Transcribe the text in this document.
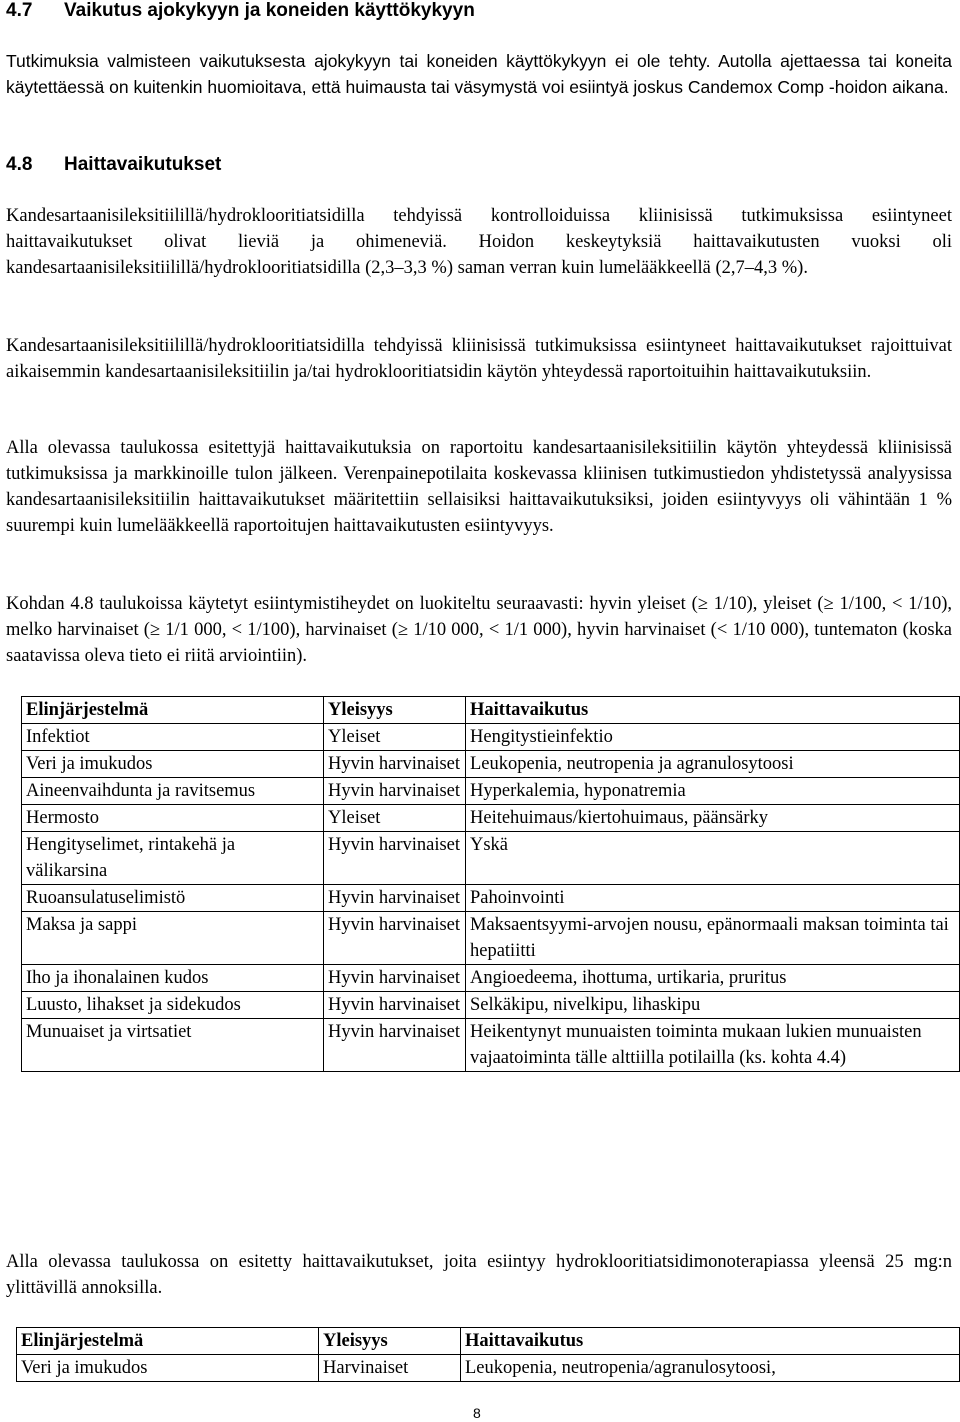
4.7 Vaikutus ajokykyyn ja koneiden käyttökykyyn

Tutkimuksia valmisteen vaikutuksesta ajokykyyn tai koneiden käyttökykyyn ei ole tehty. Autolla ajettaessa tai koneita käytettäessä on kuitenkin huomioitava, että huimausta tai väsymystä voi esiintyä joskus Candemox Comp -hoidon aikana.

4.8 Haittavaikutukset

Kandesartaanisileksitiilillä/hydroklooritiatsidilla tehdyissä kontrolloiduissa kliinisissä tutkimuksissa esiintyneet haittavaikutukset olivat lieviä ja ohimeneviä. Hoidon keskeytyksiä haittavaikutusten vuoksi oli kandesartaanisileksitiilillä/hydroklooritiatsidilla (2,3–3,3 %) saman verran kuin lumelääkkeellä (2,7–4,3 %).

Kandesartaanisileksitiilillä/hydroklooritiatsidilla tehdyissä kliinisissä tutkimuksissa esiintyneet haittavaikutukset rajoittuivat aikaisemmin kandesartaanisileksitiilin ja/tai hydroklooritiatsidin käytön yhteydessä raportoituihin haittavaikutuksiin.

Alla olevassa taulukossa esitettyjä haittavaikutuksia on raportoitu kandesartaanisileksitiilin käytön yhteydessä kliinisissä tutkimuksissa ja markkinoille tulon jälkeen. Verenpainepotilaita koskevassa kliinisen tutkimustiedon yhdistetyssä analyysissa kandesartaanisileksitiilin haittavaikutukset määritettiin sellaisiksi haittavaikutuksiksi, joiden esiintyvyys oli vähintään 1 % suurempi kuin lumelääkkeellä raportoitujen haittavaikutusten esiintyvyys.

Kohdan 4.8 taulukoissa käytetyt esiintymistiheydet on luokiteltu seuraavasti: hyvin yleiset (≥ 1/10), yleiset (≥ 1/100, < 1/10), melko harvinaiset (≥ 1/1 000, < 1/100), harvinaiset (≥ 1/10 000, < 1/1 000), hyvin harvinaiset (< 1/10 000), tuntematon (koska saatavissa oleva tieto ei riitä arviointiin).

Elinjärjestelmä	Yleisyys	Haittavaikutus
Infektiot	Yleiset	Hengitystieinfektio
Veri ja imukudos	Hyvin harvinaiset	Leukopenia, neutropenia ja agranulosytoosi
Aineenvaihdunta ja ravitsemus	Hyvin harvinaiset	Hyperkalemia, hyponatremia
Hermosto	Yleiset	Heitehuimaus/kiertohuimaus, päänsärky
Hengityselimet, rintakehä ja välikarsina	Hyvin harvinaiset	Yskä
Ruoansulatuselimistö	Hyvin harvinaiset	Pahoinvointi
Maksa ja sappi	Hyvin harvinaiset	Maksaentsyymi-arvojen nousu, epänormaali maksan toiminta tai hepatiitti
Iho ja ihonalainen kudos	Hyvin harvinaiset	Angioedeema, ihottuma, urtikaria, pruritus
Luusto, lihakset ja sidekudos	Hyvin harvinaiset	Selkäkipu, nivelkipu, lihaskipu
Munuaiset ja virtsatiet	Hyvin harvinaiset	Heikentynyt munuaisten toiminta mukaan lukien munuaisten vajaatoiminta tälle alttiilla potilailla (ks. kohta 4.4)

Alla olevassa taulukossa on esitetty haittavaikutukset, joita esiintyy hydroklooritiatsidimonoterapiassa yleensä 25 mg:n ylittävillä annoksilla.

Elinjärjestelmä	Yleisyys	Haittavaikutus
Veri ja imukudos	Harvinaiset	Leukopenia, neutropenia/agranulosytoosi,
8
